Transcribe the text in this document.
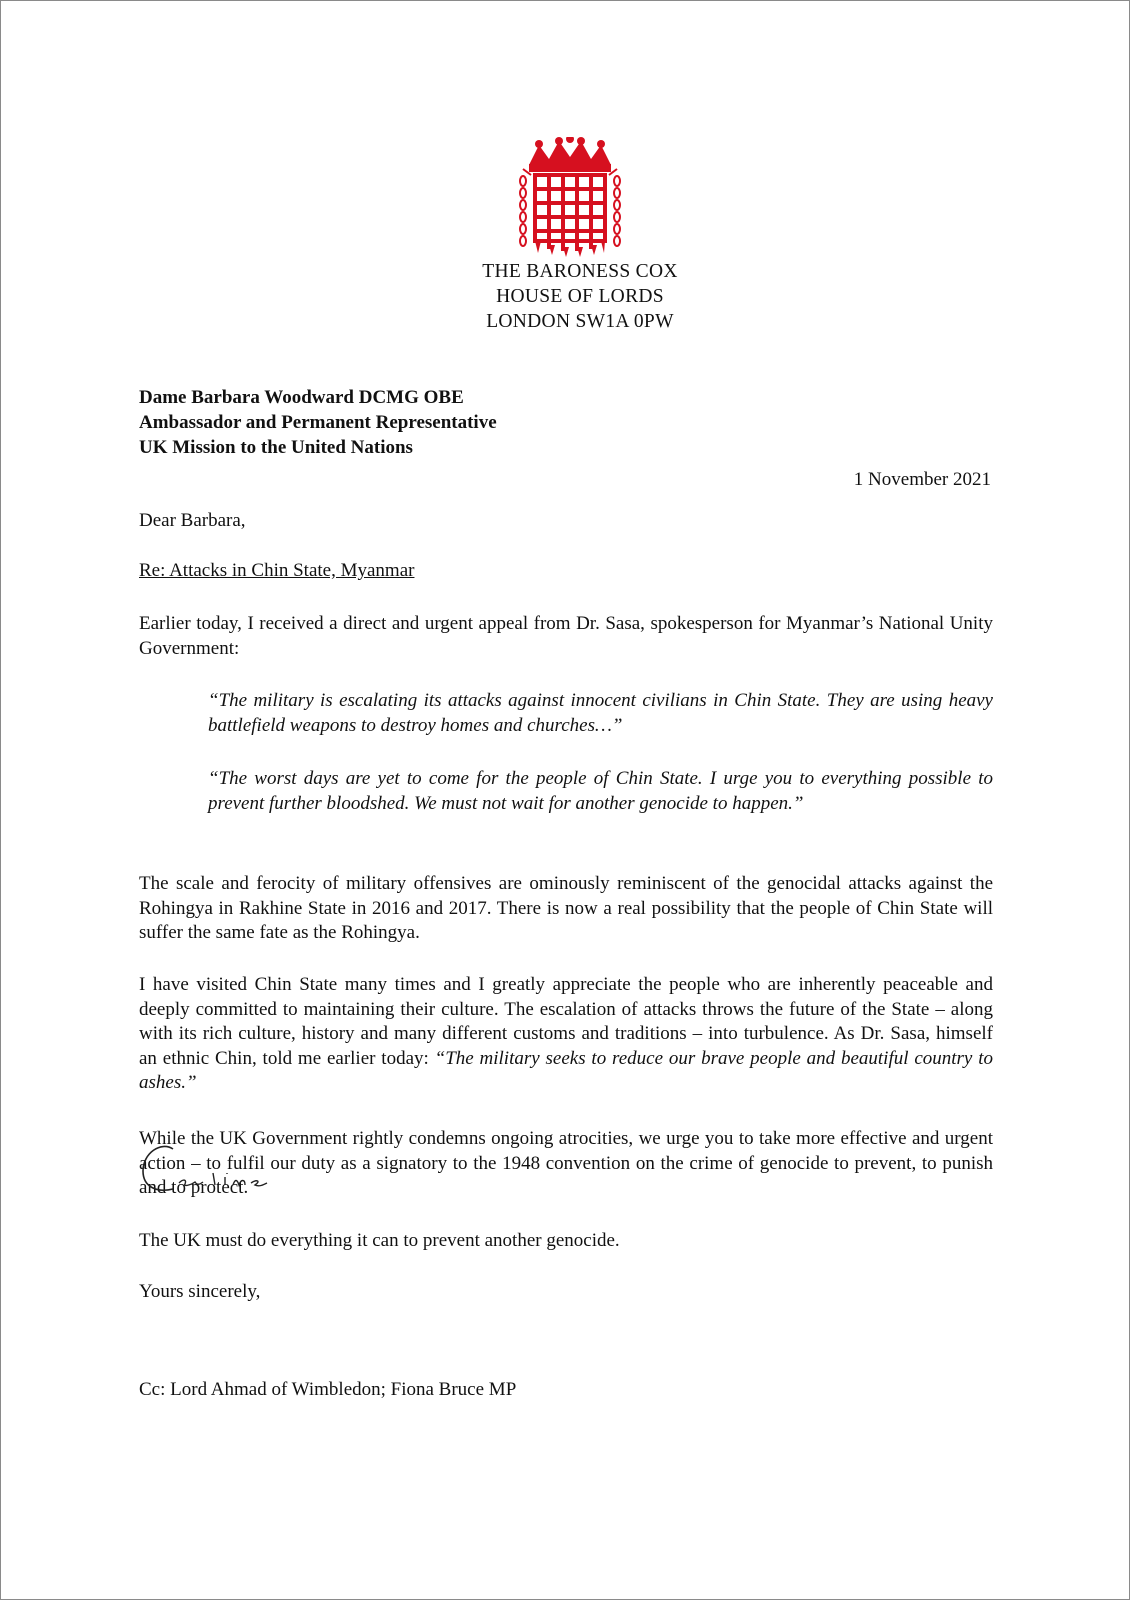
THE BARONESS COX
HOUSE OF LORDS
LONDON SW1A 0PW
Dame Barbara Woodward DCMG OBE
Ambassador and Permanent Representative
UK Mission to the United Nations
1 November 2021
Dear Barbara,
Re: Attacks in Chin State, Myanmar
Earlier today, I received a direct and urgent appeal from Dr. Sasa, spokesperson for Myanmar’s National Unity Government:
“The military is escalating its attacks against innocent civilians in Chin State. They are using heavy battlefield weapons to destroy homes and churches…”
“The worst days are yet to come for the people of Chin State. I urge you to everything possible to prevent further bloodshed. We must not wait for another genocide to happen.”
The scale and ferocity of military offensives are ominously reminiscent of the genocidal attacks against the Rohingya in Rakhine State in 2016 and 2017. There is now a real possibility that the people of Chin State will suffer the same fate as the Rohingya.
I have visited Chin State many times and I greatly appreciate the people who are inherently peaceable and deeply committed to maintaining their culture. The escalation of attacks throws the future of the State – along with its rich culture, history and many different customs and traditions – into turbulence. As Dr. Sasa, himself an ethnic Chin, told me earlier today: “The military seeks to reduce our brave people and beautiful country to ashes.”
While the UK Government rightly condemns ongoing atrocities, we urge you to take more effective and urgent action – to fulfil our duty as a signatory to the 1948 convention on the crime of genocide to prevent, to punish and to protect.
The UK must do everything it can to prevent another genocide.
Yours sincerely,
Cc: Lord Ahmad of Wimbledon; Fiona Bruce MP
